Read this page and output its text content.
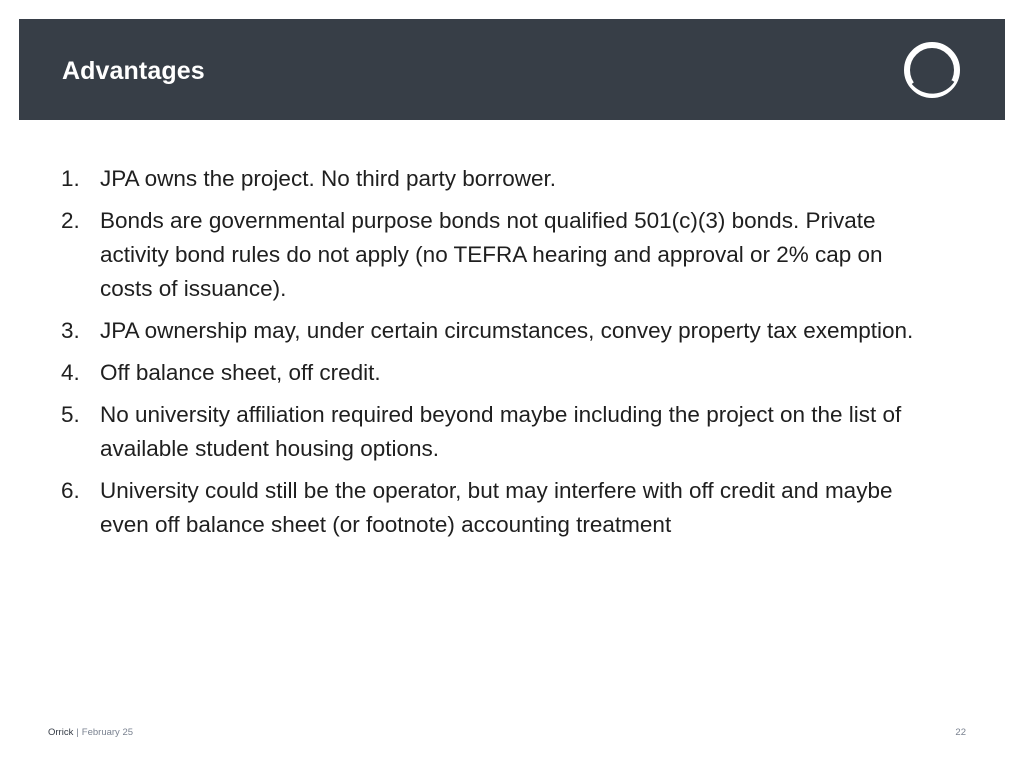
Advantages
1. JPA owns the project. No third party borrower.
2. Bonds are governmental purpose bonds not qualified 501(c)(3) bonds. Private activity bond rules do not apply (no TEFRA hearing and approval or 2% cap on costs of issuance).
3. JPA ownership may, under certain circumstances, convey property tax exemption.
4. Off balance sheet, off credit.
5. No university affiliation required beyond maybe including the project on the list of available student housing options.
6. University could still be the operator, but may interfere with off credit and maybe even off balance sheet (or footnote) accounting treatment
Orrick | February 25	22
